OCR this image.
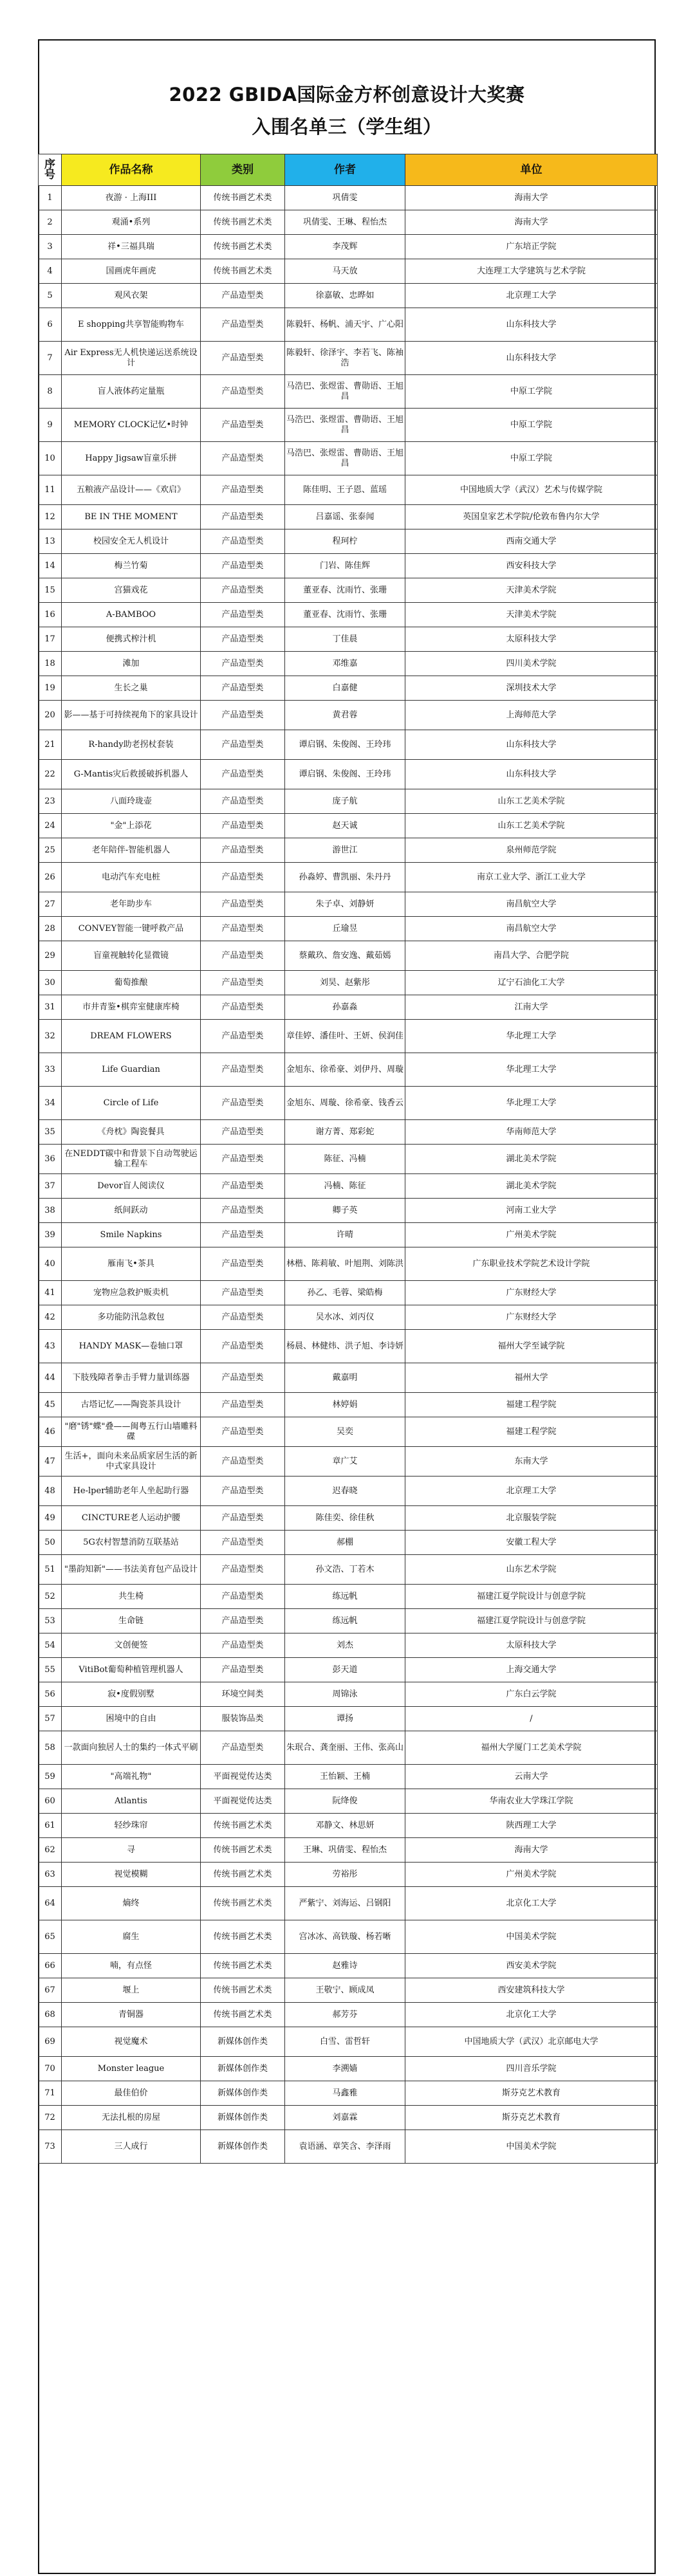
2022 GBIDA国际金方杯创意设计大奖赛
入围名单三（学生组）
序号	作品名称	类别	作者	单位
1	夜游 · 上海III	传统书画艺术类	巩倩雯	海南大学
2	观涌•系列	传统书画艺术类	巩倩雯、王琳、程怡杰	海南大学
3	祥•三福具瑞	传统书画艺术类	李茂辉	广东培正学院
4	国画虎年画虎	传统书画艺术类	马天放	大连理工大学建筑与艺术学院
5	观风衣架	产品造型类	徐嘉敏、忠晔如	北京理工大学
6	E shopping共享智能购物车	产品造型类	陈毅轩、杨帆、浦天宇、广心阳	山东科技大学
7	Air Express无人机快递运送系统设计	产品造型类	陈毅轩、徐泽宇、李若飞、陈袖浩	山东科技大学
8	盲人液体药定量瓶	产品造型类	马浩巴、张煜雷、曹勋语、王旭昌	中原工学院
9	MEMORY CLOCK记忆•时钟	产品造型类	马浩巴、张煜雷、曹勋语、王旭昌	中原工学院
10	Happy Jigsaw盲童乐拼	产品造型类	马浩巴、张煜雷、曹勋语、王旭昌	中原工学院
11	五粮液产品设计——《欢启》	产品造型类	陈佳明、王子恩、蓝瑶	中国地质大学（武汉）艺术与传媒学院
12	BE IN THE MOMENT	产品造型类	吕嘉谣、张泰闻	英国皇家艺术学院/伦敦布鲁内尔大学
13	校园安全无人机设计	产品造型类	程珂柠	西南交通大学
14	梅兰竹菊	产品造型类	门岩、陈佳辉	西安科技大学
15	宫猫戏花	产品造型类	董亚春、沈雨竹、张珊	天津美术学院
16	A-BAMBOO	产品造型类	董亚春、沈雨竹、张珊	天津美术学院
17	便携式榨汁机	产品造型类	丁佳晨	太原科技大学
18	滩加	产品造型类	邓维嘉	四川美术学院
19	生长之巢	产品造型类	白嘉健	深圳技术大学
20	影——基于可持续视角下的家具设计	产品造型类	黄君蓉	上海师范大学
21	R-handy助老拐杖套装	产品造型类	谭启钢、朱俊阁、王玲玮	山东科技大学
22	G-Mantis灾后救援破拆机器人	产品造型类	谭启钢、朱俊阁、王玲玮	山东科技大学
23	八面玲珑壶	产品造型类	庞子航	山东工艺美术学院
24	"金"上添花	产品造型类	赵天诚	山东工艺美术学院
25	老年陪伴-智能机器人	产品造型类	游世江	泉州师范学院
26	电动汽车充电桩	产品造型类	孙淼婷、曹凯丽、朱丹丹	南京工业大学、浙江工业大学
27	老年助步车	产品造型类	朱子卓、刘静妍	南昌航空大学
28	CONVEY智能一键呼救产品	产品造型类	丘瑜昱	南昌航空大学
29	盲童视触转化显微镜	产品造型类	蔡戴玖、詹安逸、戴茹嫣	南昌大学、合肥学院
30	葡萄推酿	产品造型类	刘昊、赵紫彤	辽宁石油化工大学
31	市井青鉴•棋弈室健康库椅	产品造型类	孙嘉淼	江南大学
32	DREAM FLOWERS	产品造型类	章佳婷、潘佳叶、王妍、侯润佳	华北理工大学
33	Life Guardian	产品造型类	金旭东、徐希豪、刘伊丹、周璇	华北理工大学
34	Circle of Life	产品造型类	金旭东、周璇、徐希豪、钱香云	华北理工大学
35	《舟枕》陶瓷餐具	产品造型类	谢方菁、郑彩蛇	华南师范大学
36	在NEDDT碳中和背景下自动驾驶运输工程车	产品造型类	陈征、冯楠	湖北美术学院
37	Devor盲人阅读仪	产品造型类	冯楠、陈征	湖北美术学院
38	纸间跃动	产品造型类	卿子英	河南工业大学
39	Smile Napkins	产品造型类	许晴	广州美术学院
40	雁南飞•茶具	产品造型类	林楷、陈莉敏、叶旭荆、刘陈洪	广东职业技术学院艺术设计学院
41	宠物应急救护贩卖机	产品造型类	孙乙、毛蓉、梁皓梅	广东财经大学
42	多功能防汛急救包	产品造型类	吴水冰、刘丙仪	广东财经大学
43	HANDY MASK—卷轴口罩	产品造型类	杨晨、林健炜、洪子旭、李诗妍	福州大学至诚学院
44	下肢残障者拳击手臂力量训练器	产品造型类	戴嘉明	福州大学
45	古塔记忆——陶瓷茶具设计	产品造型类	林婷娟	福建工程学院
46	"磨"锈"蝶"叠——闽粤五行山墙雕料碟	产品造型类	吴奕	福建工程学院
47	生活+，面向未来品质家居生活的新中式家具设计	产品造型类	章广艾	东南大学
48	He-lper辅助老年人坐起助行器	产品造型类	迟春晓	北京理工大学
49	CINCTURE老人运动护腰	产品造型类	陈佳奕、徐佳秋	北京服装学院
50	5G农村智慧消防互联基站	产品造型类	郝棚	安徽工程大学
51	"墨韵知新"——书法美育包产品设计	产品造型类	孙文浩、丁若木	山东艺术学院
52	共生椅	产品造型类	练远帆	福建江夏学院设计与创意学院
53	生命链	产品造型类	练远帆	福建江夏学院设计与创意学院
54	文创便签	产品造型类	刘杰	太原科技大学
55	VitiBot葡萄种植管理机器人	产品造型类	彭天道	上海交通大学
56	寂•度假别墅	环境空间类	周锦泳	广东白云学院
57	困境中的自由	服装饰品类	谭扬	/
58	一款面向独居人士的集约一体式平刷	产品造型类	朱珉合、龚奎丽、王伟、张高山	福州大学厦门工艺美术学院
59	"高端礼物"	平面视觉传达类	王怡颖、王楠	云南大学
60	Atlantis	平面视觉传达类	阮绛俊	华南农业大学珠江学院
61	轻纱珠帘	传统书画艺术类	邓静文、林思妍	陕西理工大学
62	寻	传统书画艺术类	王琳、巩倩雯、程怡杰	海南大学
63	视觉模糊	传统书画艺术类	劳裕彤	广州美术学院
64	熵终	传统书画艺术类	严紫宁、刘海运、吕钢阳	北京化工大学
65	腐生	传统书画艺术类	宫冰冰、高铁璇、杨若晰	中国美术学院
66	喃，有点怪	传统书画艺术类	赵雅诗	西安美术学院
67	堰上	传统书画艺术类	王敬宁、顾成凤	西安建筑科技大学
68	青铜器	传统书画艺术类	郝芳芬	北京化工大学
69	视觉魔术	新媒体创作类	白雪、雷哲轩	中国地质大学（武汉）北京邮电大学
70	Monster league	新媒体创作类	李溯嫱	四川音乐学院
71	最佳伯价	新媒体创作类	马鑫雅	斯芬克艺术教育
72	无法扎根的房屋	新媒体创作类	刘嘉霖	斯芬克艺术教育
73	三人成行	新媒体创作类	袁语涵、章笑含、李泽雨	中国美术学院
